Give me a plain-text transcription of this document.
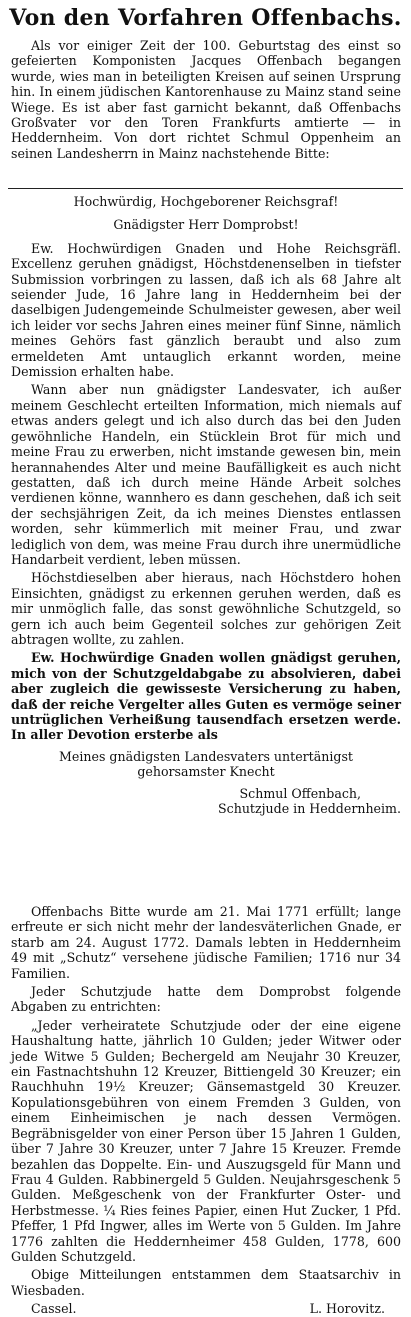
Von den Vorfahren Offenbachs.

Als vor einiger Zeit der 100. Geburtstag des einst so gefeierten Komponisten Jacques Offenbach begangen wurde, wies man in beteiligten Kreisen auf seinen Ursprung hin. In einem jüdischen Kantorenhause zu Mainz stand seine Wiege. Es ist aber fast garnicht bekannt, daß Offenbachs Großvater vor den Toren Frankfurts amtierte — in Heddernheim. Von dort richtet Schmul Oppenheim an seinen Landesherrn in Mainz nachstehende Bitte:

Hochwürdig, Hochgeborener Reichsgraf!

Gnädigster Herr Domprobst!

Ew. Hochwürdigen Gnaden und Hohe Reichsgräfl. Excellenz geruhen gnädigst, Höchstdenenselben in tiefster Submission vorbringen zu lassen, daß ich als 68 Jahre alt seiender Jude, 16 Jahre lang in Heddernheim bei der daselbigen Judengemeinde Schulmeister gewesen, aber weil ich leider vor sechs Jahren eines meiner fünf Sinne, nämlich meines Gehörs fast gänzlich beraubt und also zum ermeldeten Amt untauglich erkannt worden, meine Demission erhalten habe.

Wann aber nun gnädigster Landesvater, ich außer meinem Geschlecht erteilten Information, mich niemals auf etwas anders gelegt und ich also durch das bei den Juden gewöhnliche Handeln, ein Stücklein Brot für mich und meine Frau zu erwerben, nicht imstande gewesen bin, mein herannahendes Alter und meine Baufälligkeit es auch nicht gestatten, daß ich durch meine Hände Arbeit solches verdienen könne, wannhero es dann geschehen, daß ich seit der sechsjährigen Zeit, da ich meines Dienstes entlassen worden, sehr kümmerlich mit meiner Frau, und zwar lediglich von dem, was meine Frau durch ihre unermüdliche Handarbeit verdient, leben müssen.

Höchstdieselben aber hieraus, nach Höchstdero hohen Einsichten, gnädigst zu erkennen geruhen werden, daß es mir unmöglich falle, das sonst gewöhnliche Schutzgeld, so gern ich auch beim Gegenteil solches zur gehörigen Zeit abtragen wollte, zu zahlen.

Ew. Hochwürdige Gnaden wollen gnädigst geruhen, mich von der Schutzgeldabgabe zu absolvieren, dabei aber zugleich die gewisseste Versicherung zu haben, daß der reiche Vergelter alles Guten es vermöge seiner untrüglichen Verheißung tausendfach ersetzen werde. In aller Devotion ersterbe als

Meines gnädigsten Landesvaters untertänigst

gehorsamster Knecht

Schmul Offenbach,

Schutzjude in Heddernheim.

Offenbachs Bitte wurde am 21. Mai 1771 erfüllt; lange erfreute er sich nicht mehr der landesväterlichen Gnade, er starb am 24. August 1772. Damals lebten in Heddernheim 49 mit „Schutz“ versehene jüdische Familien; 1716 nur 34 Familien.

Jeder Schutzjude hatte dem Domprobst folgende Abgaben zu entrichten:

„Jeder verheiratete Schutzjude oder der eine eigene Haushaltung hatte, jährlich 10 Gulden; jeder Witwer oder jede Witwe 5 Gulden; Bechergeld am Neujahr 30 Kreuzer, ein Fastnachtshuhn 12 Kreuzer, Bittiengeld 30 Kreuzer; ein Rauchhuhn 19½ Kreuzer; Gänsemastgeld 30 Kreuzer. Kopulationsgebühren von einem Fremden 3 Gulden, von einem Einheimischen je nach dessen Vermögen. Begräbnisgelder von einer Person über 15 Jahren 1 Gulden, über 7 Jahre 30 Kreuzer, unter 7 Jahre 15 Kreuzer. Fremde bezahlen das Doppelte. Ein- und Auszugsgeld für Mann und Frau 4 Gulden. Rabbinergeld 5 Gulden. Neujahrsgeschenk 5 Gulden. Meßgeschenk von der Frankfurter Oster- und Herbstmesse. ¼ Ries feines Papier, einen Hut Zucker, 1 Pfd. Pfeffer, 1 Pfd Ingwer, alles im Werte von 5 Gulden. Im Jahre 1776 zahlten die Heddernheimer 458 Gulden, 1778, 600 Gulden Schutzgeld.

Obige Mitteilungen entstammen dem Staatsarchiv in Wiesbaden.

Cassel.	L. Horovitz.
